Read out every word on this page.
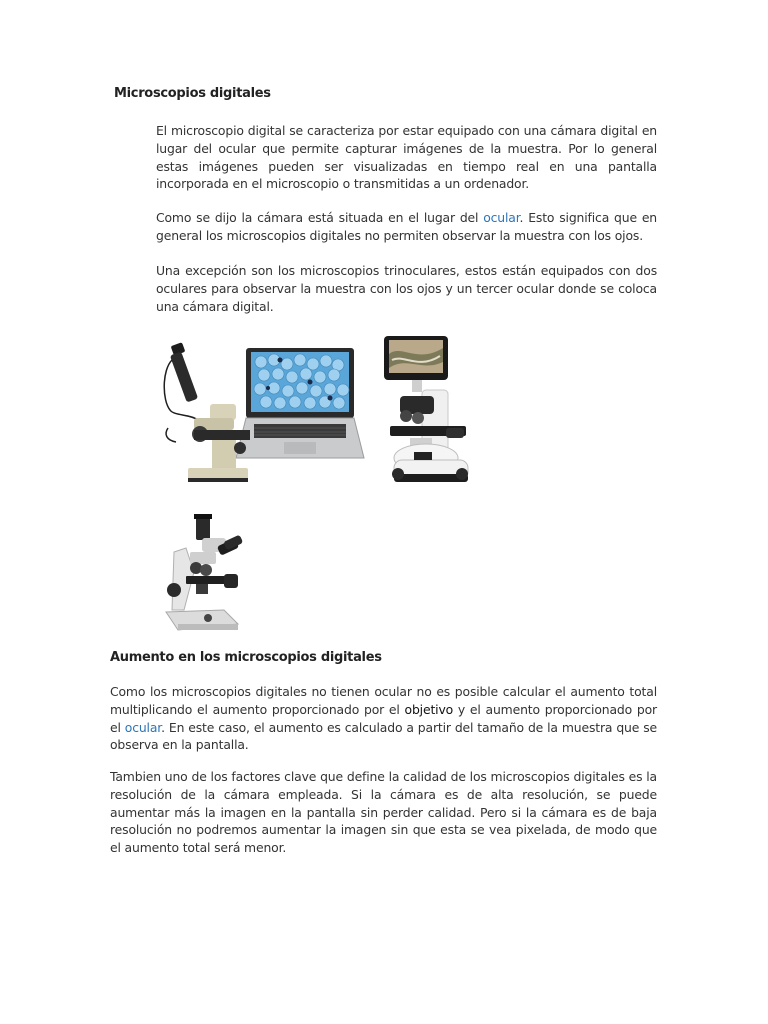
Microscopios digitales

El microscopio digital se caracteriza por estar equipado con una cámara digital en lugar del ocular que permite capturar imágenes de la muestra. Por lo general estas imágenes pueden ser visualizadas en tiempo real en una pantalla incorporada en el microscopio o transmitidas a un ordenador.

Como se dijo la cámara está situada en el lugar del ocular. Esto significa que en general los microscopios digitales no permiten observar la muestra con los ojos.

Una excepción son los microscopios trinoculares, estos están equipados con dos oculares para observar la muestra con los ojos y un tercer ocular donde se coloca una cámara digital.

Aumento en los microscopios digitales

Como los microscopios digitales no tienen ocular no es posible calcular el aumento total multiplicando el aumento proporcionado por el objetivo y el aumento proporcionado por el ocular. En este caso, el aumento es calculado a partir del tamaño de la muestra que se observa en la pantalla.

Tambien uno de los factores clave que define la calidad de los microscopios digitales es la resolución de la cámara empleada. Si la cámara es de alta resolución, se puede aumentar más la imagen en la pantalla sin perder calidad. Pero si la cámara es de baja resolución no podremos aumentar la imagen sin que esta se vea pixelada, de modo que el aumento total será menor.
